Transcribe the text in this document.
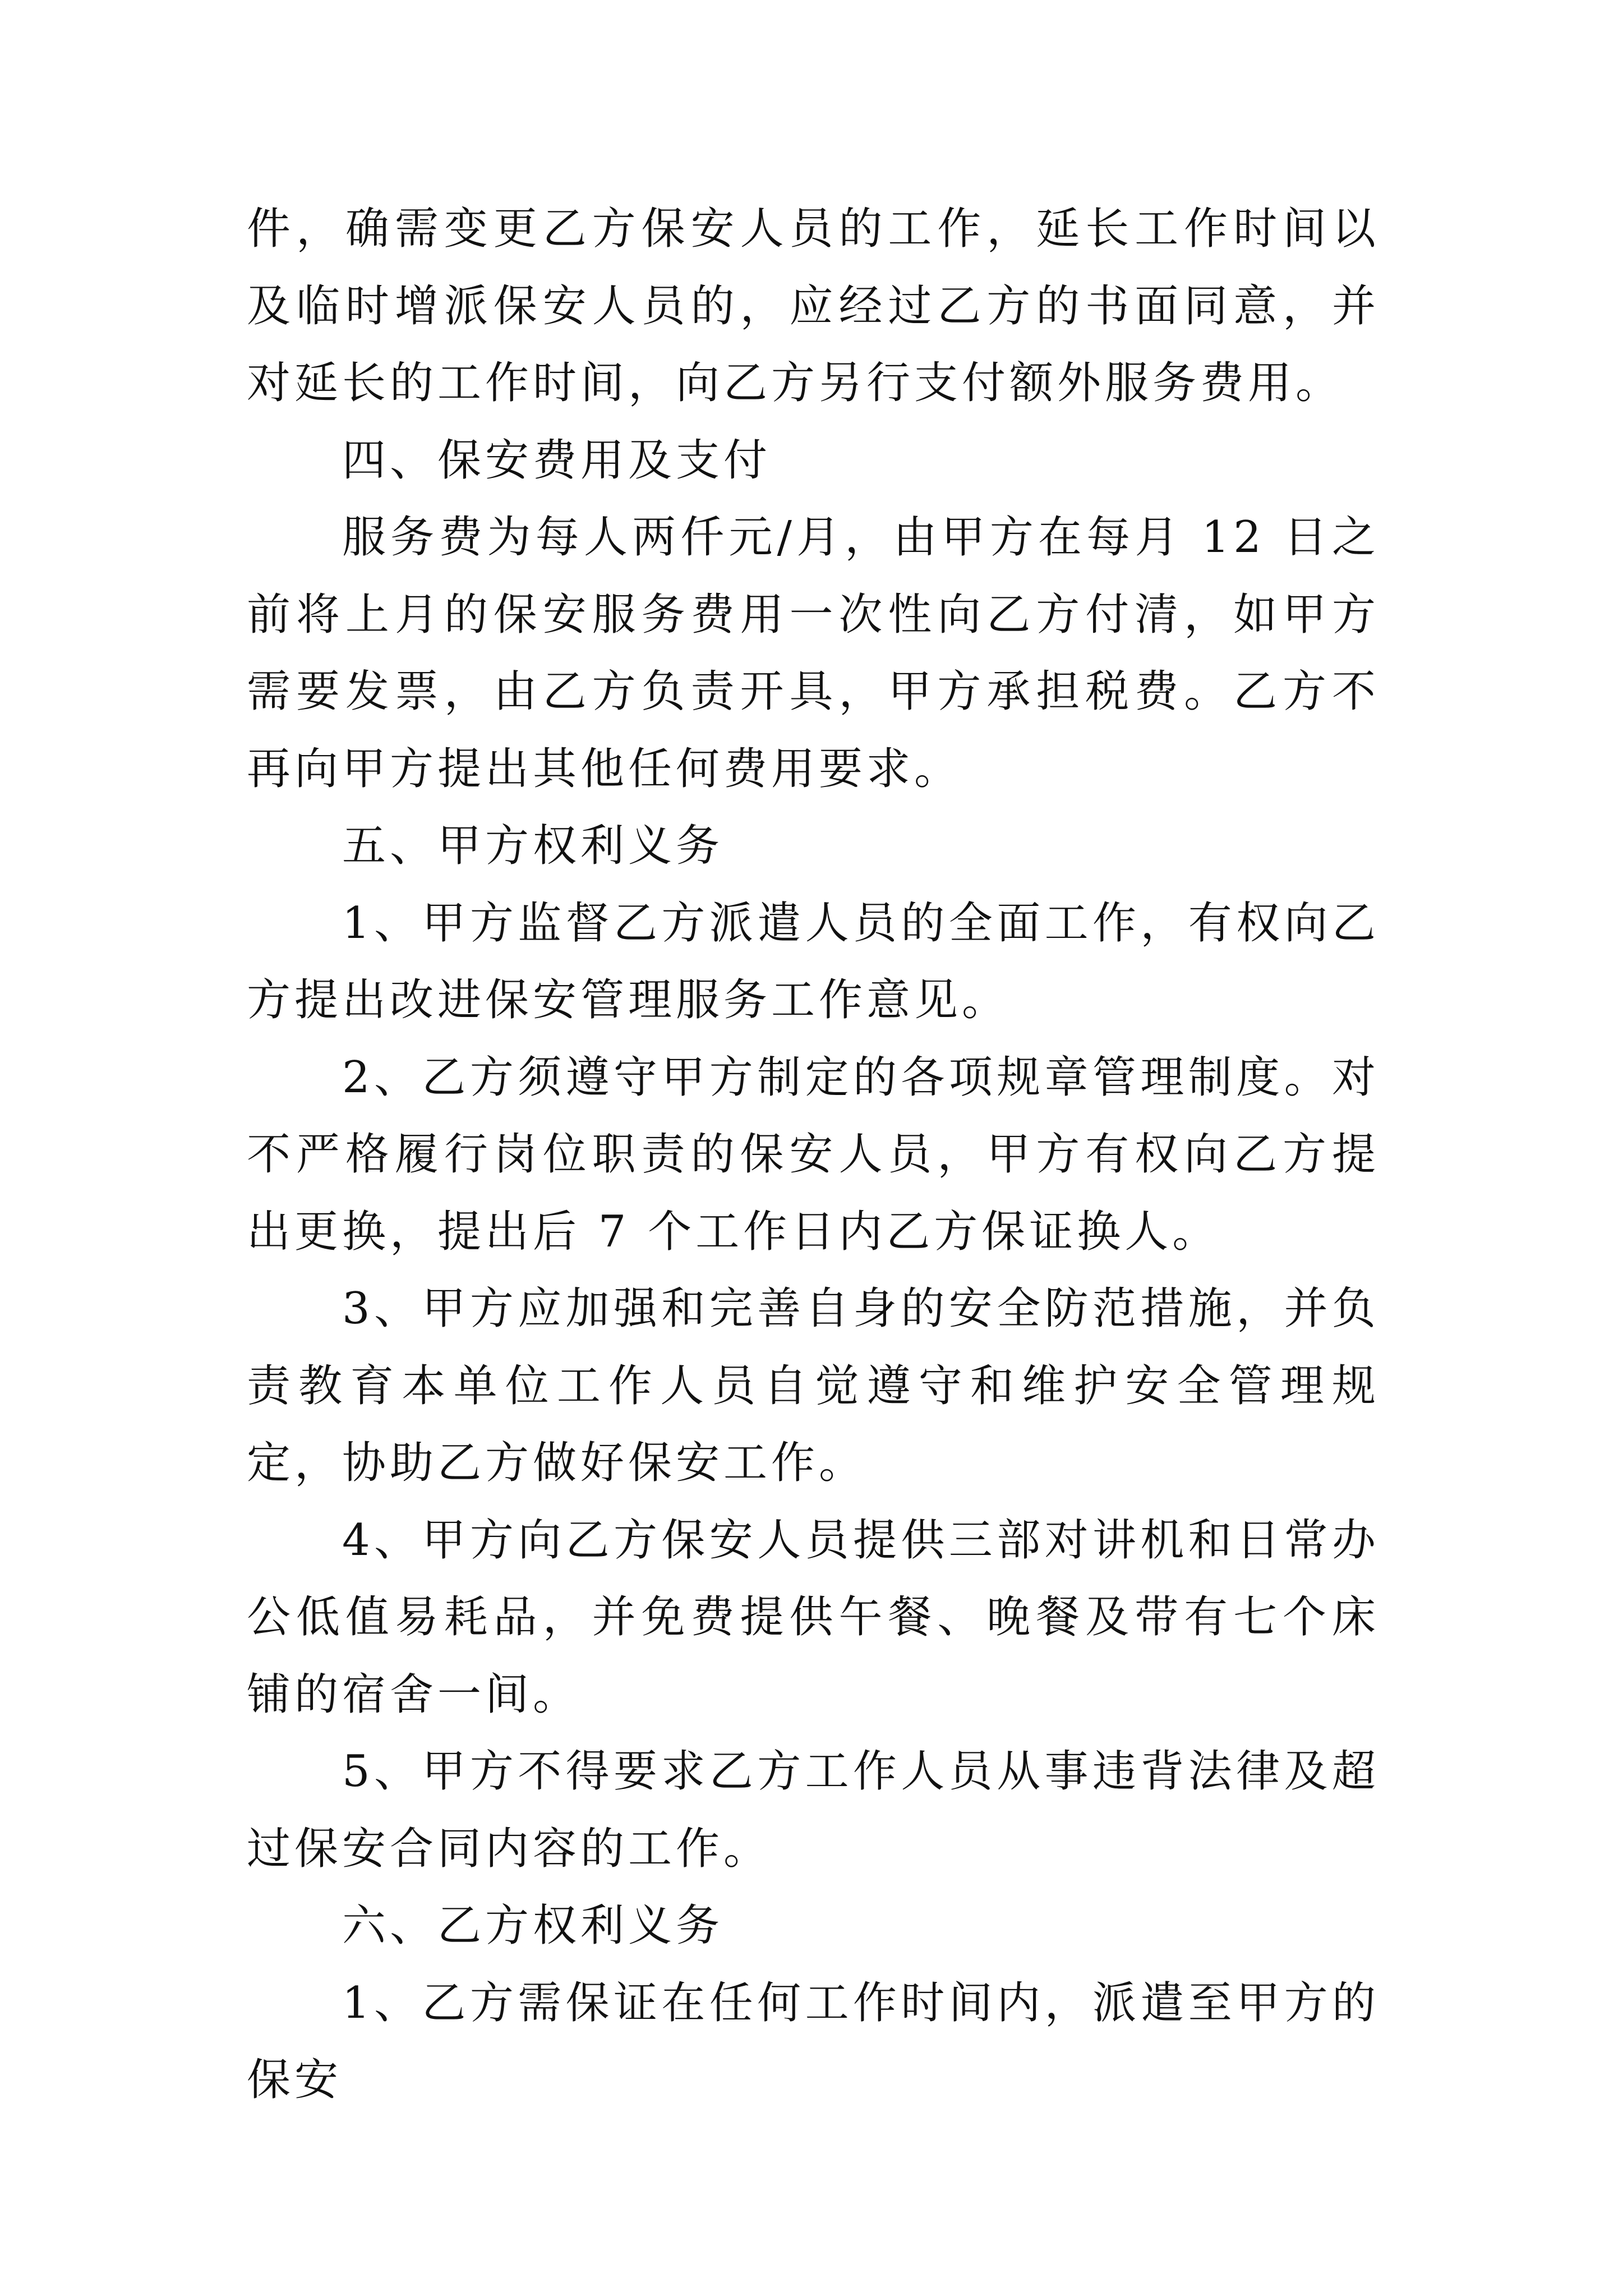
件，确需变更乙方保安人员的工作，延长工作时间以及临时增派保安人员的，应经过乙方的书面同意，并对延长的工作时间，向乙方另行支付额外服务费用。

四、保安费用及支付

服务费为每人两仟元/月，由甲方在每月 12 日之前将上月的保安服务费用一次性向乙方付清，如甲方需要发票，由乙方负责开具，甲方承担税费。乙方不再向甲方提出其他任何费用要求。

五、甲方权利义务

1、甲方监督乙方派遣人员的全面工作，有权向乙方提出改进保安管理服务工作意见。

2、乙方须遵守甲方制定的各项规章管理制度。对不严格履行岗位职责的保安人员，甲方有权向乙方提出更换，提出后 7 个工作日内乙方保证换人。

3、甲方应加强和完善自身的安全防范措施，并负责教育本单位工作人员自觉遵守和维护安全管理规定，协助乙方做好保安工作。

4、甲方向乙方保安人员提供三部对讲机和日常办公低值易耗品，并免费提供午餐、晚餐及带有七个床铺的宿舍一间。

5、甲方不得要求乙方工作人员从事违背法律及超过保安合同内容的工作。

六、乙方权利义务

1、乙方需保证在任何工作时间内，派遣至甲方的保安
